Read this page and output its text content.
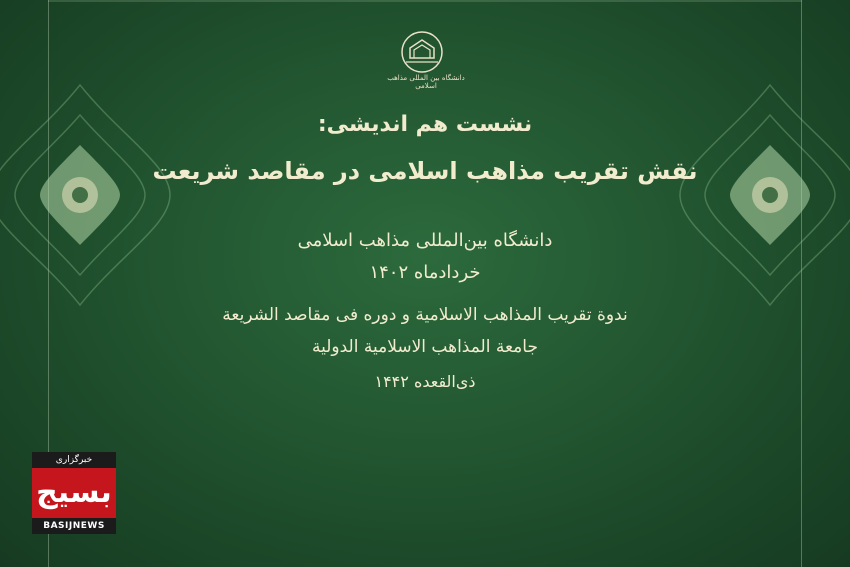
دانشگاه بین المللی مذاهب اسلامی
نشست هم اندیشی:
نقش تقریب مذاهب اسلامی در مقاصد شریعت
دانشگاه بین‌المللی مذاهب اسلامی
خردادماه ۱۴۰۲
ندوة تقریب المذاهب الاسلامیة و دوره فی مقاصد الشریعة
جامعة المذاهب الاسلامیة الدولیة
ذی‌القعده ۱۴۴۲
خبرگزاری
بسیج
BASIJNEWS
